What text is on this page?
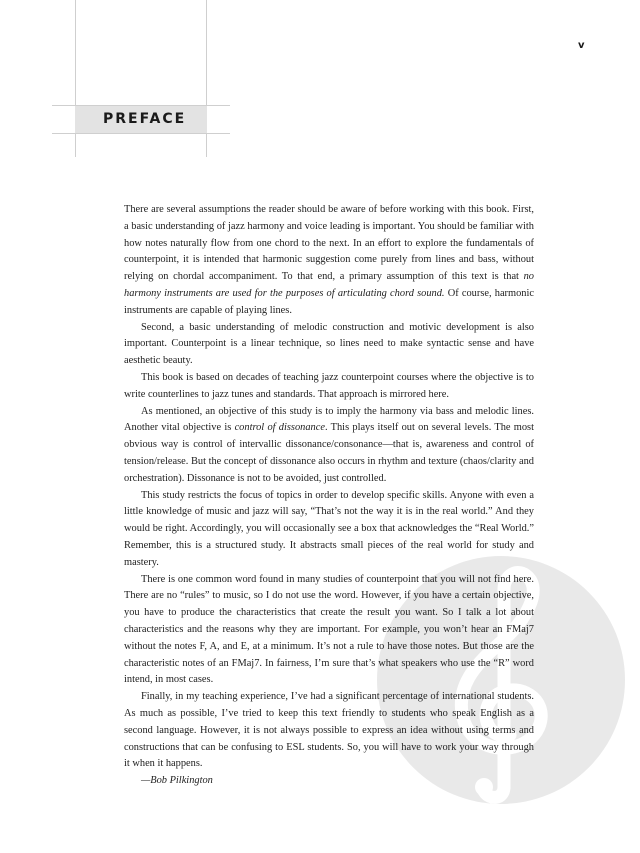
PREFACE
v

There are several assumptions the reader should be aware of before working with this book. First, a basic understanding of jazz harmony and voice leading is important. You should be familiar with how notes naturally flow from one chord to the next. In an effort to explore the fundamentals of counterpoint, it is intended that harmonic suggestion come purely from lines and bass, without relying on chordal accompaniment. To that end, a primary assumption of this text is that no harmony instruments are used for the purposes of articulating chord sound. Of course, harmonic instruments are capable of playing lines.

Second, a basic understanding of melodic construction and motivic development is also important. Counterpoint is a linear technique, so lines need to make syntactic sense and have aesthetic beauty.

This book is based on decades of teaching jazz counterpoint courses where the objective is to write counterlines to jazz tunes and standards. That approach is mirrored here.

As mentioned, an objective of this study is to imply the harmony via bass and melodic lines. Another vital objective is control of dissonance. This plays itself out on several levels. The most obvious way is control of intervallic dissonance/consonance—that is, awareness and control of tension/release. But the concept of dissonance also occurs in rhythm and texture (chaos/clarity and orchestration). Dissonance is not to be avoided, just controlled.

This study restricts the focus of topics in order to develop specific skills. Anyone with even a little knowledge of music and jazz will say, “That’s not the way it is in the real world.” And they would be right. Accordingly, you will occasionally see a box that acknowledges the “Real World.” Remember, this is a structured study. It abstracts small pieces of the real world for study and mastery.

There is one common word found in many studies of counterpoint that you will not find here. There are no “rules” to music, so I do not use the word. However, if you have a certain objective, you have to produce the characteristics that create the result you want. So I talk a lot about characteristics and the reasons why they are important. For example, you won’t hear an FMaj7 without the notes F, A, and E, at a minimum. It’s not a rule to have those notes. But those are the characteristic notes of an FMaj7. In fairness, I’m sure that’s what speakers who use the “R” word intend, in most cases.

Finally, in my teaching experience, I’ve had a significant percentage of international students. As much as possible, I’ve tried to keep this text friendly to students who speak English as a second language. However, it is not always possible to express an idea without using terms and constructions that can be confusing to ESL students. So, you will have to work your way through it when it happens.

—Bob Pilkington
